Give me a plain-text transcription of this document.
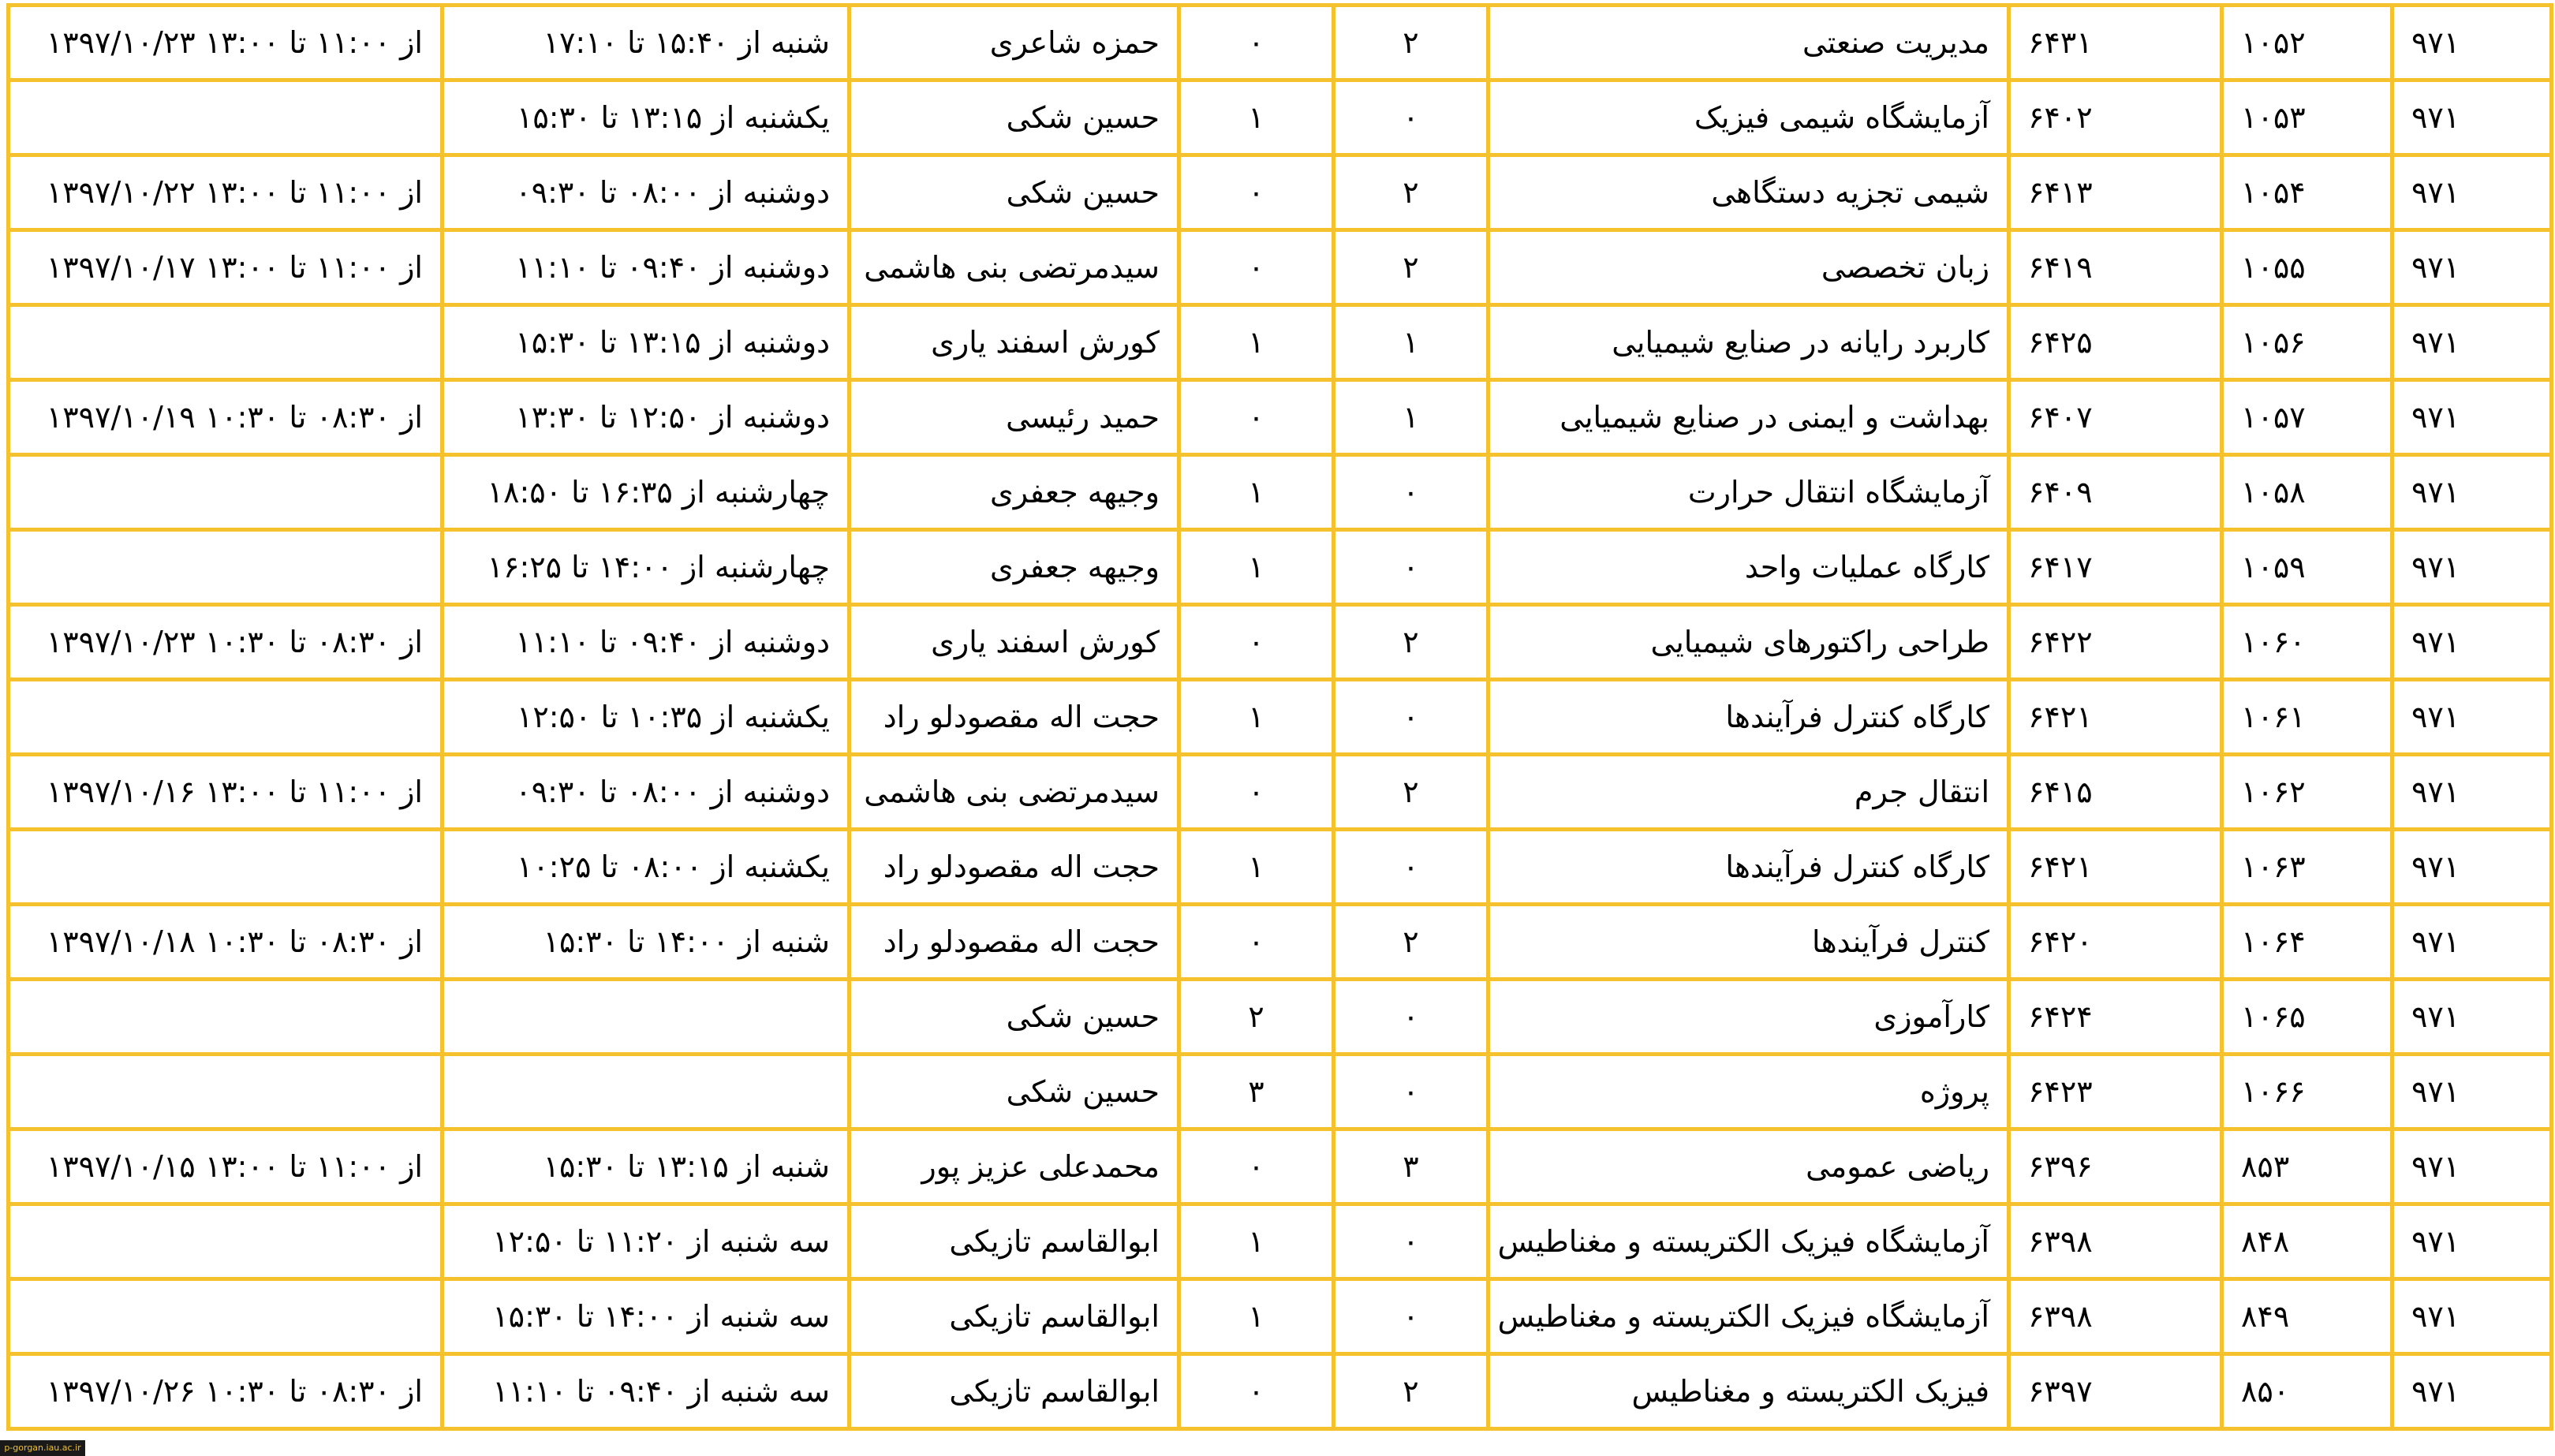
۹۷۱	۱۰۵۲	۶۴۳۱	مدیریت صنعتی	۲	۰	حمزه شاعری	شنبه از ۱۵:۴۰ تا ۱۷:۱۰	از ۱۱:۰۰ تا ۱۳:۰۰ ۱۳۹۷/۱۰/۲۳
۹۷۱	۱۰۵۳	۶۴۰۲	آزمایشگاه شیمی فیزیک	۰	۱	حسین شکی	یکشنبه از ۱۳:۱۵ تا ۱۵:۳۰	
۹۷۱	۱۰۵۴	۶۴۱۳	شیمی تجزیه دستگاهی	۲	۰	حسین شکی	دوشنبه از ۰۸:۰۰ تا ۰۹:۳۰	از ۱۱:۰۰ تا ۱۳:۰۰ ۱۳۹۷/۱۰/۲۲
۹۷۱	۱۰۵۵	۶۴۱۹	زبان تخصصی	۲	۰	سیدمرتضی بنی هاشمی	دوشنبه از ۰۹:۴۰ تا ۱۱:۱۰	از ۱۱:۰۰ تا ۱۳:۰۰ ۱۳۹۷/۱۰/۱۷
۹۷۱	۱۰۵۶	۶۴۲۵	کاربرد رایانه در صنایع شیمیایی	۱	۱	کورش اسفند یاری	دوشنبه از ۱۳:۱۵ تا ۱۵:۳۰	
۹۷۱	۱۰۵۷	۶۴۰۷	بهداشت و ایمنی در صنایع شیمیایی	۱	۰	حمید رئیسی	دوشنبه از ۱۲:۵۰ تا ۱۳:۳۰	از ۰۸:۳۰ تا ۱۰:۳۰ ۱۳۹۷/۱۰/۱۹
۹۷۱	۱۰۵۸	۶۴۰۹	آزمایشگاه انتقال حرارت	۰	۱	وجیهه جعفری	چهارشنبه از ۱۶:۳۵ تا ۱۸:۵۰	
۹۷۱	۱۰۵۹	۶۴۱۷	کارگاه عملیات واحد	۰	۱	وجیهه جعفری	چهارشنبه از ۱۴:۰۰ تا ۱۶:۲۵	
۹۷۱	۱۰۶۰	۶۴۲۲	طراحی راکتورهای شیمیایی	۲	۰	کورش اسفند یاری	دوشنبه از ۰۹:۴۰ تا ۱۱:۱۰	از ۰۸:۳۰ تا ۱۰:۳۰ ۱۳۹۷/۱۰/۲۳
۹۷۱	۱۰۶۱	۶۴۲۱	کارگاه کنترل فرآیندها	۰	۱	حجت اله مقصودلو راد	یکشنبه از ۱۰:۳۵ تا ۱۲:۵۰	
۹۷۱	۱۰۶۲	۶۴۱۵	انتقال جرم	۲	۰	سیدمرتضی بنی هاشمی	دوشنبه از ۰۸:۰۰ تا ۰۹:۳۰	از ۱۱:۰۰ تا ۱۳:۰۰ ۱۳۹۷/۱۰/۱۶
۹۷۱	۱۰۶۳	۶۴۲۱	کارگاه کنترل فرآیندها	۰	۱	حجت اله مقصودلو راد	یکشنبه از ۰۸:۰۰ تا ۱۰:۲۵	
۹۷۱	۱۰۶۴	۶۴۲۰	کنترل فرآیندها	۲	۰	حجت اله مقصودلو راد	شنبه از ۱۴:۰۰ تا ۱۵:۳۰	از ۰۸:۳۰ تا ۱۰:۳۰ ۱۳۹۷/۱۰/۱۸
۹۷۱	۱۰۶۵	۶۴۲۴	کارآموزی	۰	۲	حسین شکی		
۹۷۱	۱۰۶۶	۶۴۲۳	پروژه	۰	۳	حسین شکی		
۹۷۱	۸۵۳	۶۳۹۶	ریاضی عمومی	۳	۰	محمدعلی عزیز پور	شنبه از ۱۳:۱۵ تا ۱۵:۳۰	از ۱۱:۰۰ تا ۱۳:۰۰ ۱۳۹۷/۱۰/۱۵
۹۷۱	۸۴۸	۶۳۹۸	آزمایشگاه فیزیک الکتریسته و مغناطیس	۰	۱	ابوالقاسم تازیکی	سه شنبه از ۱۱:۲۰ تا ۱۲:۵۰	
۹۷۱	۸۴۹	۶۳۹۸	آزمایشگاه فیزیک الکتریسته و مغناطیس	۰	۱	ابوالقاسم تازیکی	سه شنبه از ۱۴:۰۰ تا ۱۵:۳۰	
۹۷۱	۸۵۰	۶۳۹۷	فیزیک الکتریسته و مغناطیس	۲	۰	ابوالقاسم تازیکی	سه شنبه از ۰۹:۴۰ تا ۱۱:۱۰	از ۰۸:۳۰ تا ۱۰:۳۰ ۱۳۹۷/۱۰/۲۶
p-gorgan.iau.ac.ir
